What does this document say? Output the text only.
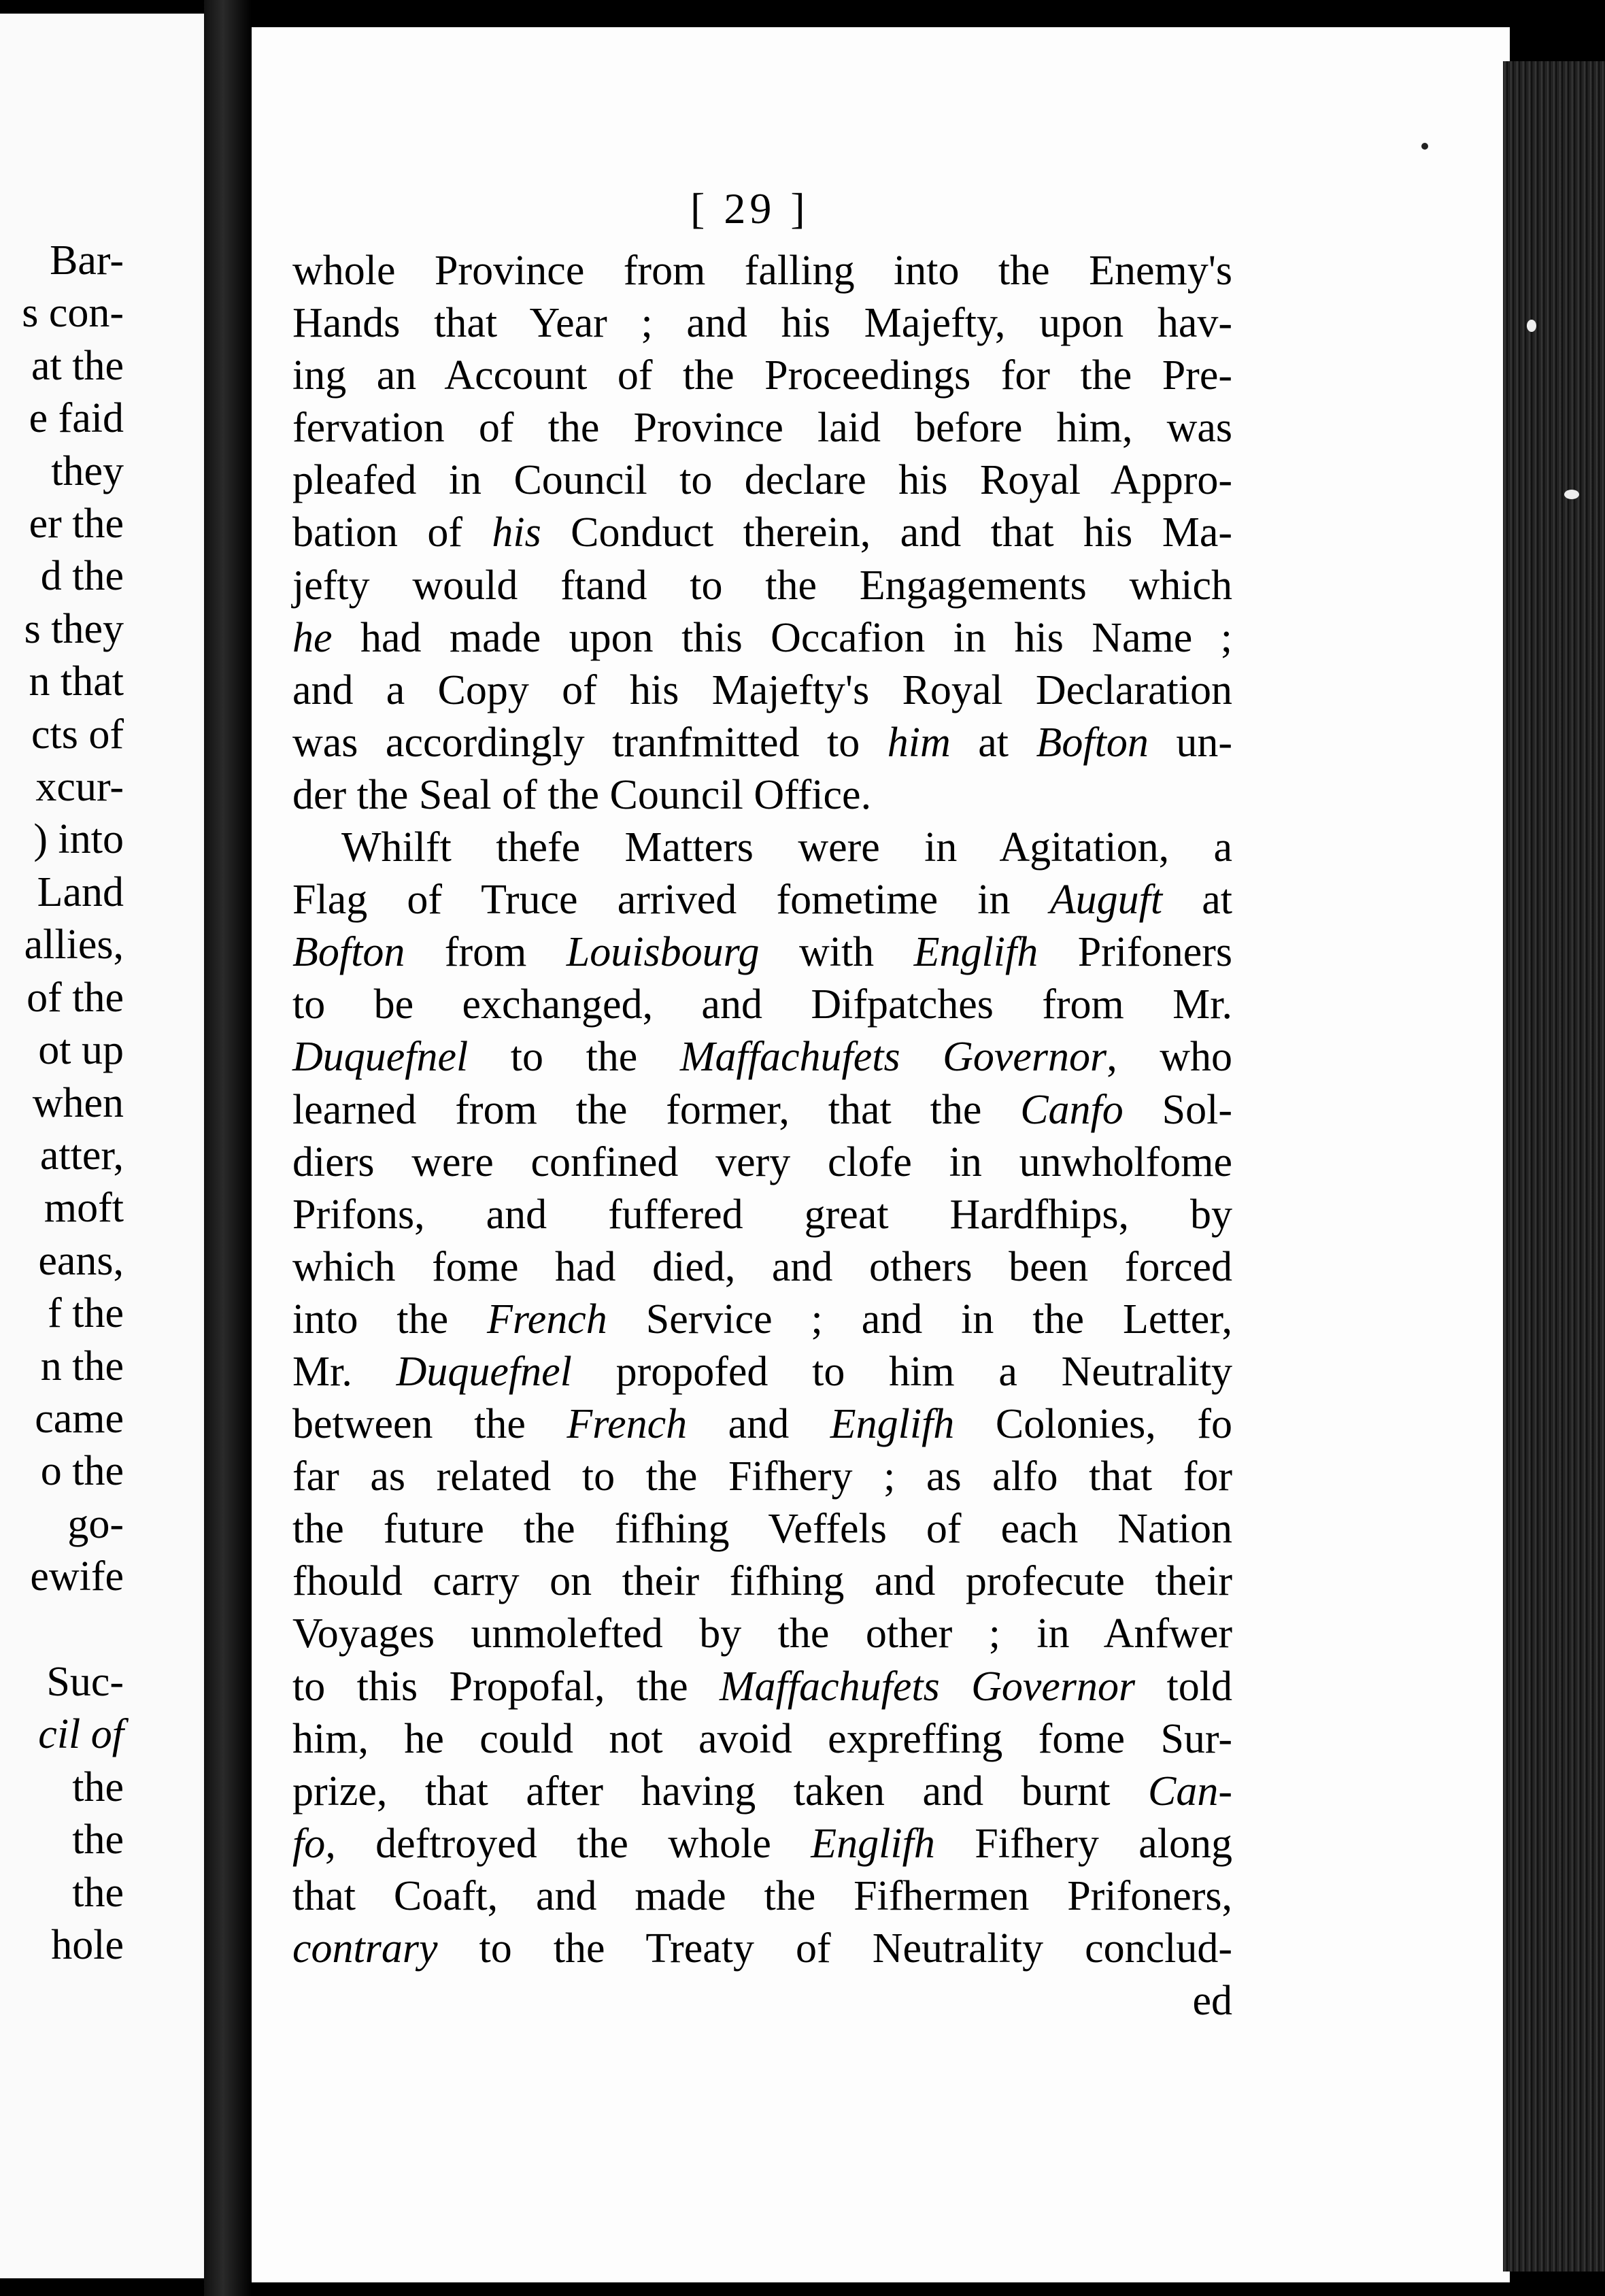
Bar-
s con-
at the
e faid
they
er the
d the
s they
n that
cts of
xcur-
) into
Land
allies,
of the
ot up
when
atter,
moft
eans,
f the
n the
came
o the
go-
ewife
Suc-
cil of
the
the
the
hole
[ 29 ]
whole Province from falling into the Enemy's
Hands that Year ; and his Majefty, upon hav-
ing an Account of the Proceedings for the Pre-
fervation of the Province laid before him, was
pleafed in Council to declare his Royal Appro-
bation of his Conduct therein, and that his Ma-
jefty would ftand to the Engagements which
he had made upon this Occafion in his Name ;
and a Copy of his Majefty's Royal Declaration
was accordingly tranfmitted to him at Bofton un-
der the Seal of the Council Office.
Whilft thefe Matters were in Agitation, a
Flag of Truce arrived fometime in Auguft at
Bofton from Louisbourg with Englifh Prifoners
to be exchanged, and Difpatches from Mr.
Duquefnel to the Maffachufets Governor, who
learned from the former, that the Canfo Sol-
diers were confined very clofe in unwholfome
Prifons, and fuffered great Hardfhips, by
which fome had died, and others been forced
into the French Service ; and in the Letter,
Mr. Duquefnel propofed to him a Neutrality
between the French and Englifh Colonies, fo
far as related to the Fifhery ; as alfo that for
the future the fifhing Veffels of each Nation
fhould carry on their fifhing and profecute their
Voyages unmolefted by the other ; in Anfwer
to this Propofal, the Maffachufets Governor told
him, he could not avoid expreffing fome Sur-
prize, that after having taken and burnt Can-
fo, deftroyed the whole Englifh Fifhery along
that Coaft, and made the Fifhermen Prifoners,
contrary to the Treaty of Neutrality conclud-
ed
